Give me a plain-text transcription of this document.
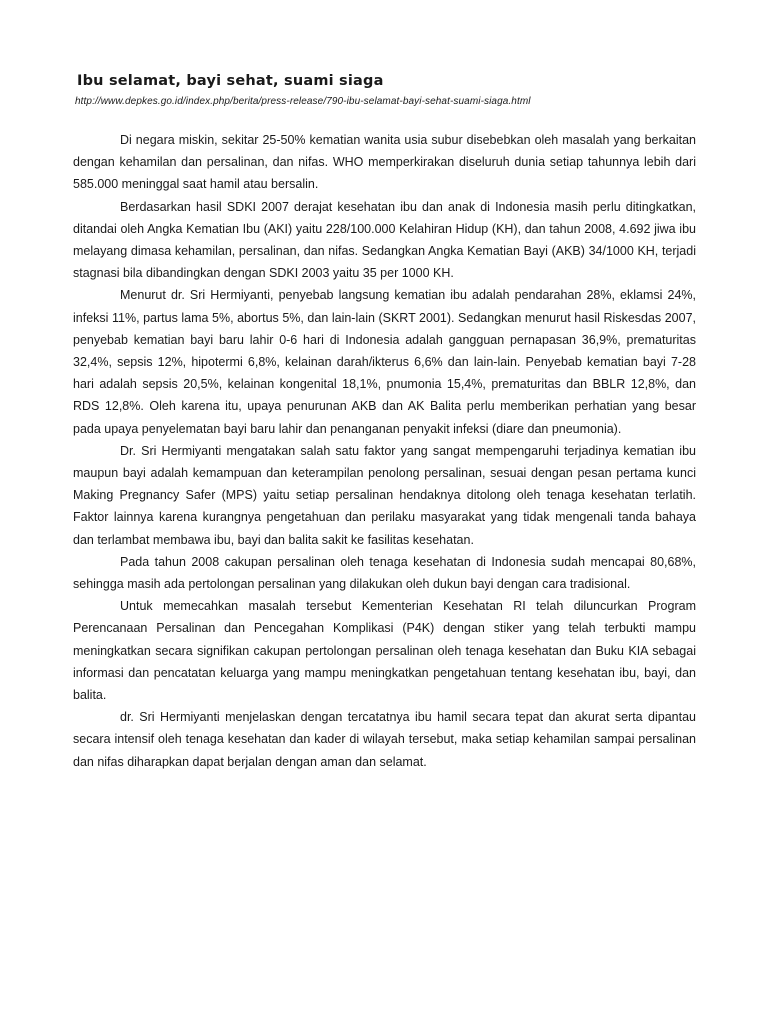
Ibu selamat, bayi sehat, suami siaga
http://www.depkes.go.id/index.php/berita/press-release/790-ibu-selamat-bayi-sehat-suami-siaga.html

Di negara miskin, sekitar 25-50% kematian wanita usia subur disebebkan oleh masalah yang berkaitan dengan kehamilan dan persalinan, dan nifas. WHO memperkirakan diseluruh dunia setiap tahunnya lebih dari 585.000 meninggal saat hamil atau bersalin.

Berdasarkan hasil SDKI 2007 derajat kesehatan ibu dan anak di Indonesia masih perlu ditingkatkan, ditandai oleh Angka Kematian Ibu (AKI) yaitu 228/100.000 Kelahiran Hidup (KH), dan tahun 2008, 4.692 jiwa ibu melayang dimasa kehamilan, persalinan, dan nifas. Sedangkan Angka Kematian Bayi (AKB) 34/1000 KH, terjadi stagnasi bila dibandingkan dengan SDKI 2003 yaitu 35 per 1000 KH.

Menurut dr. Sri Hermiyanti, penyebab langsung kematian ibu adalah pendarahan 28%, eklamsi 24%, infeksi 11%, partus lama 5%, abortus 5%, dan lain-lain (SKRT 2001). Sedangkan menurut hasil Riskesdas 2007, penyebab kematian bayi baru lahir 0-6 hari di Indonesia adalah gangguan pernapasan 36,9%, prematuritas 32,4%, sepsis 12%, hipotermi 6,8%, kelainan darah/ikterus 6,6% dan lain-lain. Penyebab kematian bayi 7-28 hari adalah sepsis 20,5%, kelainan kongenital 18,1%, pnumonia 15,4%, prematuritas dan BBLR 12,8%, dan RDS 12,8%. Oleh karena itu, upaya penurunan AKB dan AK Balita perlu memberikan perhatian yang besar pada upaya penyelematan bayi baru lahir dan penanganan penyakit infeksi (diare dan pneumonia).

Dr. Sri Hermiyanti mengatakan salah satu faktor yang sangat mempengaruhi terjadinya kematian ibu maupun bayi adalah kemampuan dan keterampilan penolong persalinan, sesuai dengan pesan pertama kunci Making Pregnancy Safer (MPS) yaitu setiap persalinan hendaknya ditolong oleh tenaga kesehatan terlatih. Faktor lainnya karena kurangnya pengetahuan dan perilaku masyarakat yang tidak mengenali tanda bahaya dan terlambat membawa ibu, bayi dan balita sakit ke fasilitas kesehatan.

Pada tahun 2008 cakupan persalinan oleh tenaga kesehatan di Indonesia sudah mencapai 80,68%, sehingga masih ada pertolongan persalinan yang dilakukan oleh dukun bayi dengan cara tradisional.

Untuk memecahkan masalah tersebut Kementerian Kesehatan RI telah diluncurkan Program Perencanaan Persalinan dan Pencegahan Komplikasi (P4K) dengan stiker yang telah terbukti mampu meningkatkan secara signifikan cakupan pertolongan persalinan oleh tenaga kesehatan dan Buku KIA sebagai informasi dan pencatatan keluarga yang mampu meningkatkan pengetahuan tentang kesehatan ibu, bayi, dan balita.

dr. Sri Hermiyanti menjelaskan dengan tercatatnya ibu hamil secara tepat dan akurat serta dipantau secara intensif oleh tenaga kesehatan dan kader di wilayah tersebut, maka setiap kehamilan sampai persalinan dan nifas diharapkan dapat berjalan dengan aman dan selamat.
